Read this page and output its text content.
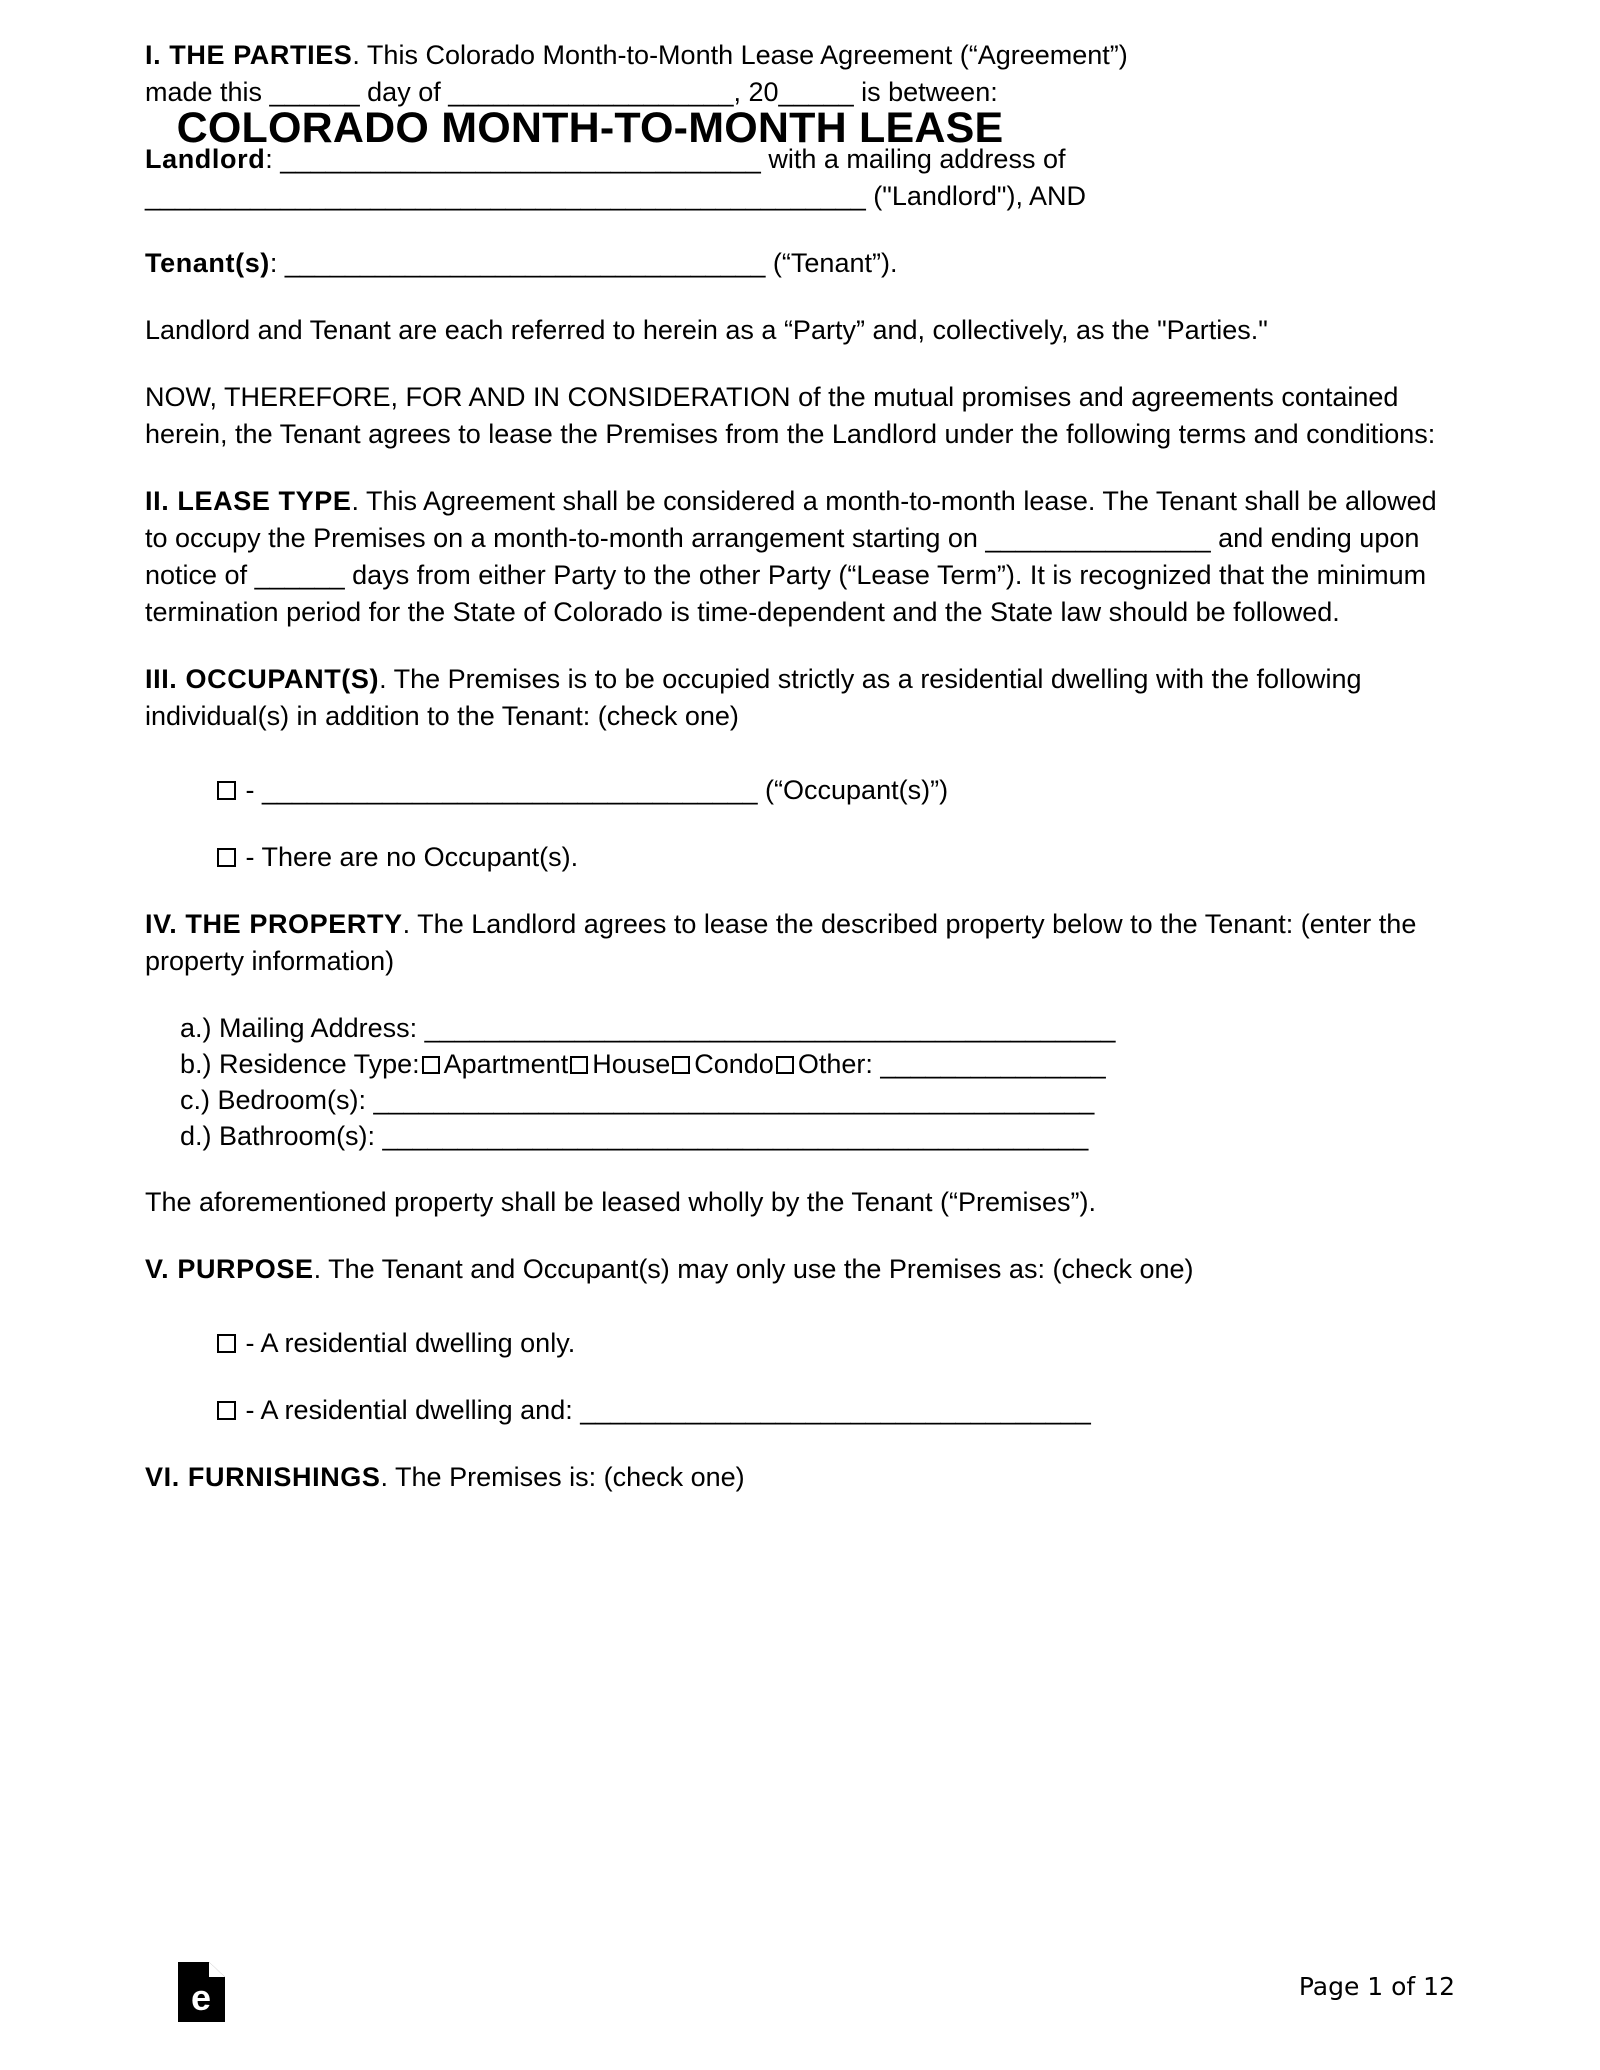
COLORADO MONTH-TO-MONTH LEASE

I. THE PARTIES. This Colorado Month-to-Month Lease Agreement (“Agreement”)
made this ______ day of ___________________, 20_____ is between:

Landlord: ________________________________ with a mailing address of
________________________________________________ ("Landlord"), AND

Tenant(s): ________________________________ (“Tenant”).

Landlord and Tenant are each referred to herein as a “Party” and, collectively, as the "Parties."

NOW, THEREFORE, FOR AND IN CONSIDERATION of the mutual promises and agreements contained herein, the Tenant agrees to lease the Premises from the Landlord under the following terms and conditions:

II. LEASE TYPE. This Agreement shall be considered a month-to-month lease. The Tenant shall be allowed to occupy the Premises on a month-to-month arrangement starting on _______________ and ending upon notice of ______ days from either Party to the other Party (“Lease Term”). It is recognized that the minimum termination period for the State of Colorado is time-dependent and the State law should be followed.

III. OCCUPANT(S). The Premises is to be occupied strictly as a residential dwelling with the following individual(s) in addition to the Tenant: (check one)

- _________________________________ (“Occupant(s)”)

- There are no Occupant(s).

IV. THE PROPERTY. The Landlord agrees to lease the described property below to the Tenant: (enter the property information)

a.) Mailing Address: ______________________________________________
b.) Residence Type: Apartment House Condo Other: _______________
c.) Bedroom(s): ________________________________________________
d.) Bathroom(s): _______________________________________________

The aforementioned property shall be leased wholly by the Tenant (“Premises”).

V. PURPOSE. The Tenant and Occupant(s) may only use the Premises as: (check one)

- A residential dwelling only.

- A residential dwelling and: __________________________________

VI. FURNISHINGS. The Premises is: (check one)

e	Page 1 of 12
